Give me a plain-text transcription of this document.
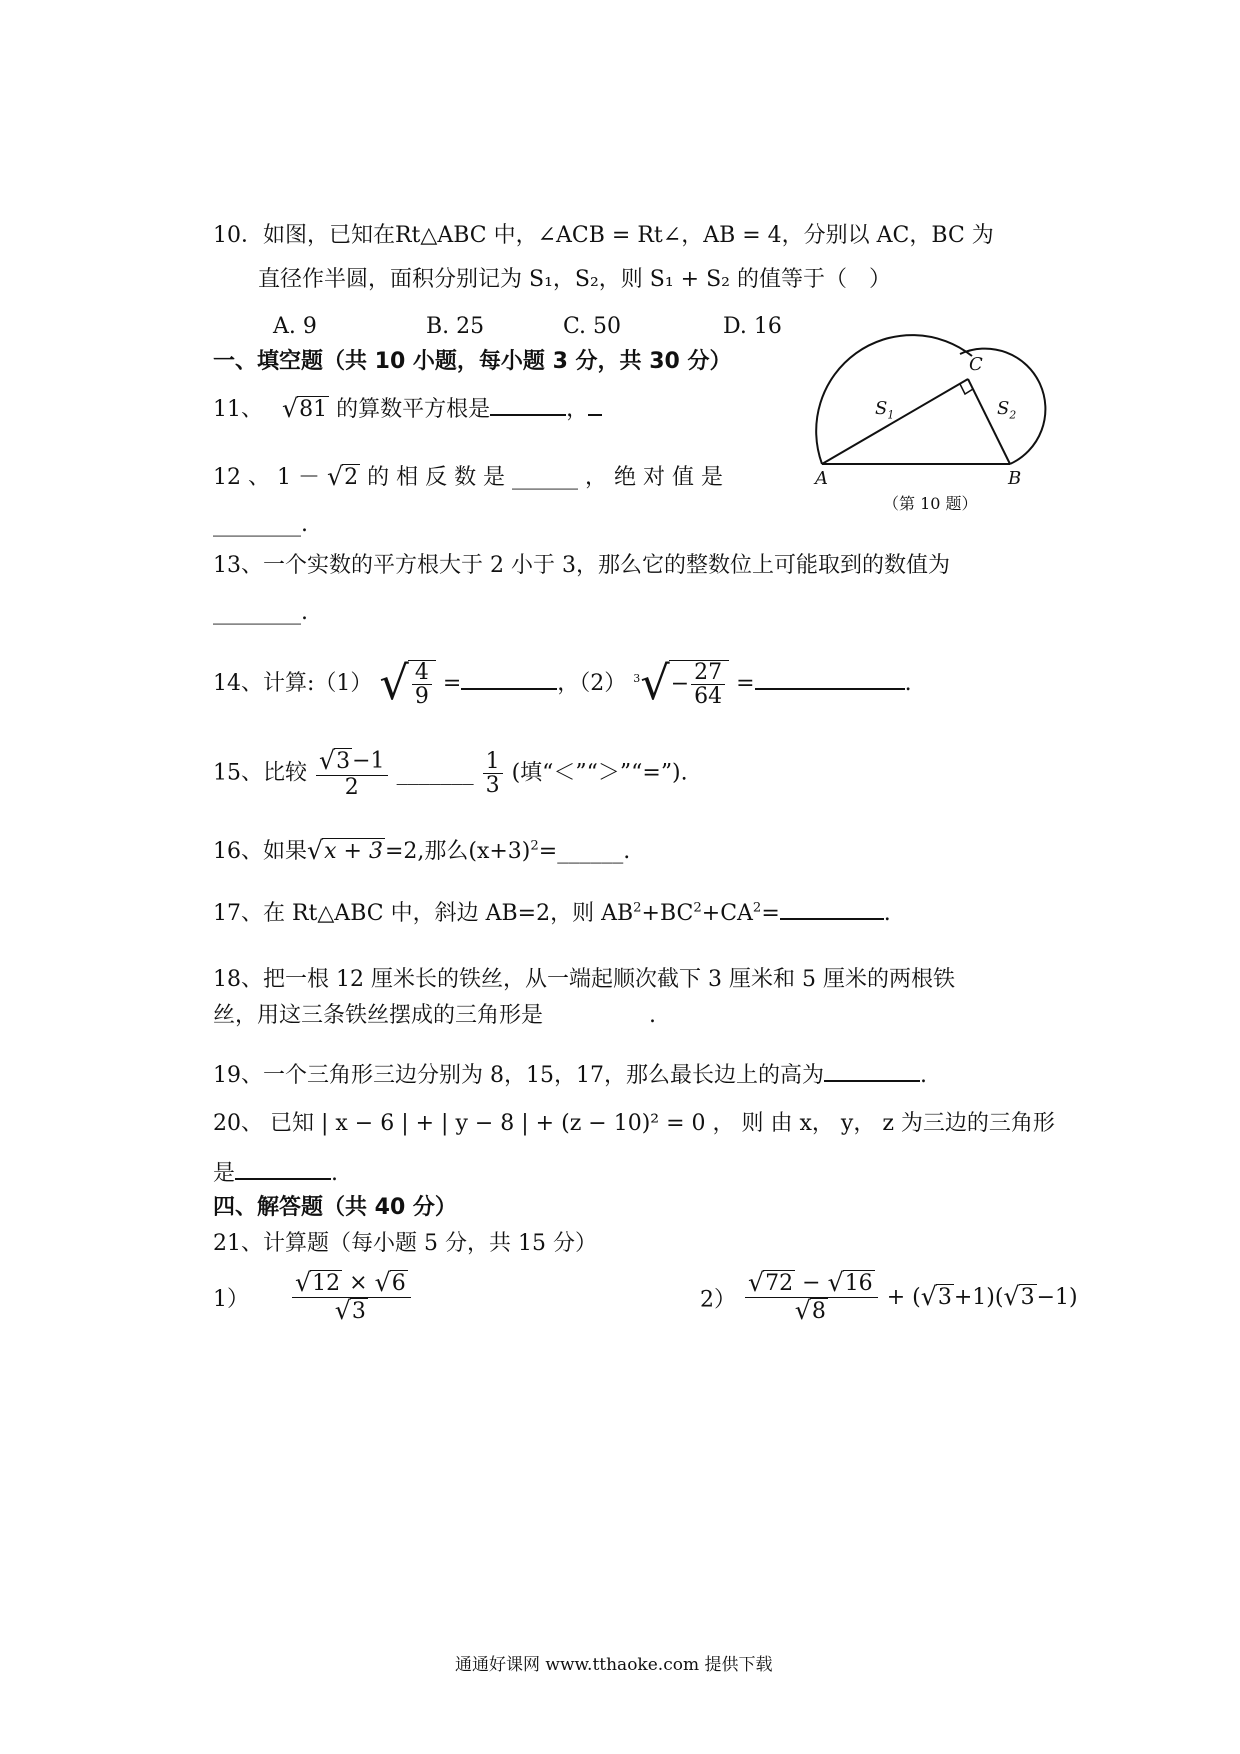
10．如图，已知在Rt△ABC 中，∠ACB = Rt∠，AB = 4，分别以 AC，BC 为
直径作半圆，面积分别记为 S₁，S₂，则 S₁ + S₂ 的值等于（　）
A. 9	B. 25	C. 50	D. 16
C
A	B
$S_1$	$S_2$
（第 10 题）
一、填空题（共 10 小题，每小题 3 分，共 30 分）
11、 √ 81 的算数平方根是	，
12 、 1 － √ 2 的 相 反 数 是 ______ ， 绝 对 值 是
________.
13、一个实数的平方根大于 2 小于 3，那么它的整数位上可能取到的数值为
________.
14、计算:（1） √ $\frac{4}{9}$ =	，（2） $^3$ √ − $\frac{27}{64}$ =	.
15、比较 $\frac{√ 3 -1}{2}$ _______ $\frac{1}{3}$ (填“＜”“＞”“=”).
16、如果 √ x + 3 =2,那么$(x+3)^2=\_\_\_\_\_\_$.
17、在 Rt△ABC 中，斜边 AB=2，则 $AB^2+BC^2+CA^2=$	.
18、把一根 12 厘米长的铁丝，从一端起顺次截下 3 厘米和 5 厘米的两根铁
丝，用这三条铁丝摆成的三角形是	.
19、一个三角形三边分别为 8，15，17，那么最长边上的高为	.
20、 已知 | x − 6 | + | y − 8 | + (z − 10)² = 0 ， 则 由 x， y， z 为三边的三角形
是	.
四、解答题（共 40 分）
21、计算题（每小题 5 分，共 15 分）
$1) \frac{√ 12 \times √ 6}{√ 3}$	$2) \frac{√ 72 - √ 16}{√ 8}$ + ( √ 3 +1)( √ 3 −1)
通通好课网 www.tthaoke.com 提供下载
